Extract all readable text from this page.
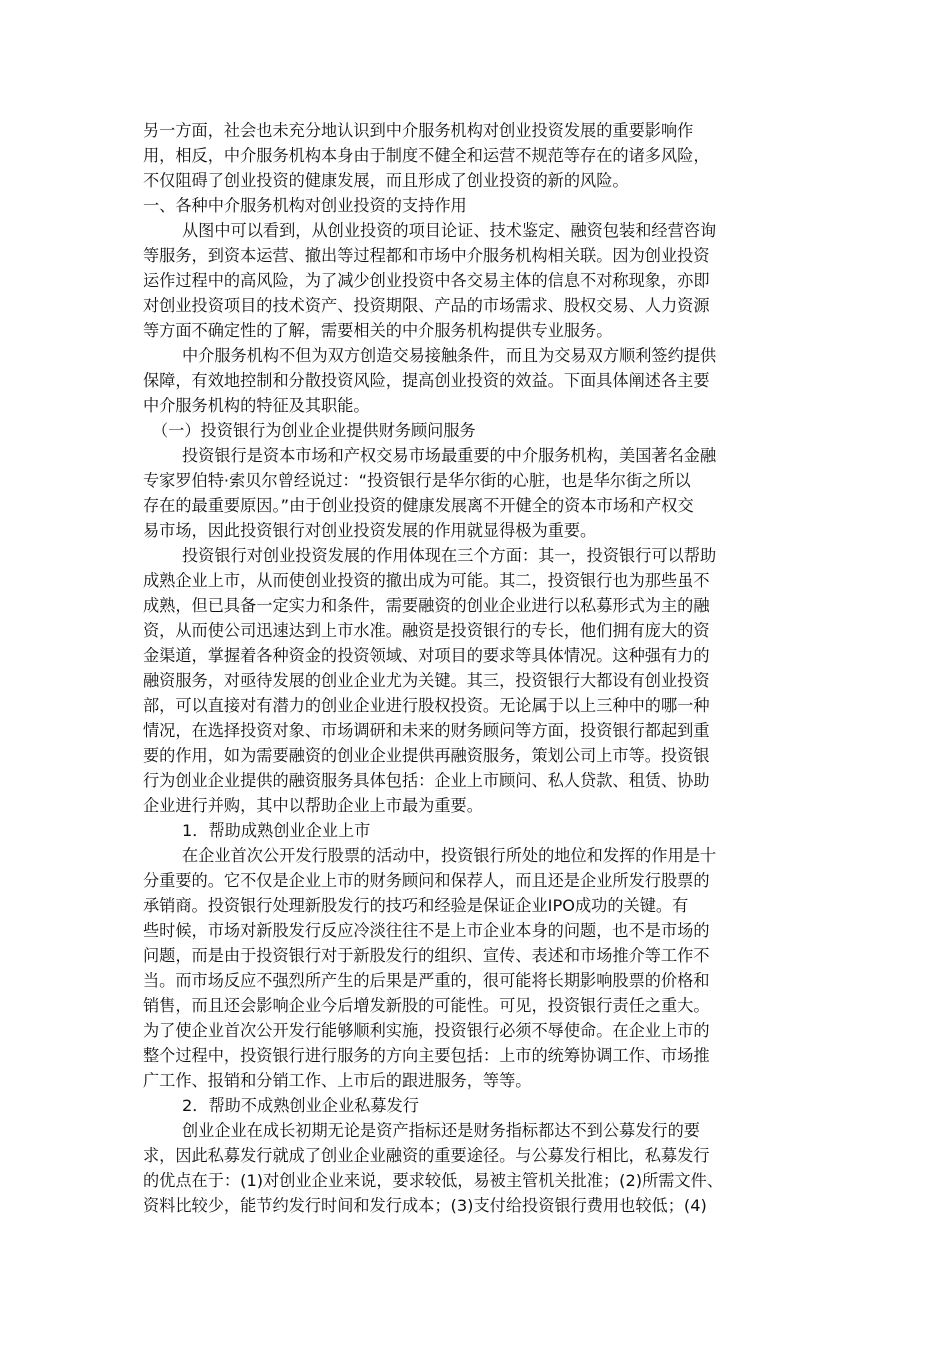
另一方面，社会也未充分地认识到中介服务机构对创业投资发展的重要影响作
用，相反，中介服务机构本身由于制度不健全和运营不规范等存在的诸多风险，
不仅阻碍了创业投资的健康发展，而且形成了创业投资的新的风险。
一、各种中介服务机构对创业投资的支持作用
从图中可以看到，从创业投资的项目论证、技术鉴定、融资包装和经营咨询
等服务，到资本运营、撤出等过程都和市场中介服务机构相关联。因为创业投资
运作过程中的高风险，为了减少创业投资中各交易主体的信息不对称现象，亦即
对创业投资项目的技术资产、投资期限、产品的市场需求、股权交易、人力资源
等方面不确定性的了解，需要相关的中介服务机构提供专业服务。
中介服务机构不但为双方创造交易接触条件，而且为交易双方顺利签约提供
保障，有效地控制和分散投资风险，提高创业投资的效益。下面具体阐述各主要
中介服务机构的特征及其职能。
（一）投资银行为创业企业提供财务顾问服务
投资银行是资本市场和产权交易市场最重要的中介服务机构，美国著名金融
专家罗伯特·索贝尔曾经说过：“投资银行是华尔街的心脏，也是华尔街之所以
存在的最重要原因。”由于创业投资的健康发展离不开健全的资本市场和产权交
易市场，因此投资银行对创业投资发展的作用就显得极为重要。
投资银行对创业投资发展的作用体现在三个方面：其一，投资银行可以帮助
成熟企业上市，从而使创业投资的撤出成为可能。其二，投资银行也为那些虽不
成熟，但已具备一定实力和条件，需要融资的创业企业进行以私募形式为主的融
资，从而使公司迅速达到上市水准。融资是投资银行的专长，他们拥有庞大的资
金渠道，掌握着各种资金的投资领域、对项目的要求等具体情况。这种强有力的
融资服务，对亟待发展的创业企业尤为关键。其三，投资银行大都设有创业投资
部，可以直接对有潜力的创业企业进行股权投资。无论属于以上三种中的哪一种
情况，在选择投资对象、市场调研和未来的财务顾问等方面，投资银行都起到重
要的作用，如为需要融资的创业企业提供再融资服务，策划公司上市等。投资银
行为创业企业提供的融资服务具体包括：企业上市顾问、私人贷款、租赁、协助
企业进行并购，其中以帮助企业上市最为重要。
1．帮助成熟创业企业上市
在企业首次公开发行股票的活动中，投资银行所处的地位和发挥的作用是十
分重要的。它不仅是企业上市的财务顾问和保荐人，而且还是企业所发行股票的
承销商。投资银行处理新股发行的技巧和经验是保证企业IPO成功的关键。有
些时候，市场对新股发行反应冷淡往往不是上市企业本身的问题，也不是市场的
问题，而是由于投资银行对于新股发行的组织、宣传、表述和市场推介等工作不
当。而市场反应不强烈所产生的后果是严重的，很可能将长期影响股票的价格和
销售，而且还会影响企业今后增发新股的可能性。可见，投资银行责任之重大。
为了使企业首次公开发行能够顺利实施，投资银行必须不辱使命。在企业上市的
整个过程中，投资银行进行服务的方向主要包括：上市的统筹协调工作、市场推
广工作、报销和分销工作、上市后的跟进服务，等等。
2．帮助不成熟创业企业私募发行
创业企业在成长初期无论是资产指标还是财务指标都达不到公募发行的要
求，因此私募发行就成了创业企业融资的重要途径。与公募发行相比，私募发行
的优点在于：(1)对创业企业来说，要求较低，易被主管机关批准；(2)所需文件、
资料比较少，能节约发行时间和发行成本；(3)支付给投资银行费用也较低；(4)
